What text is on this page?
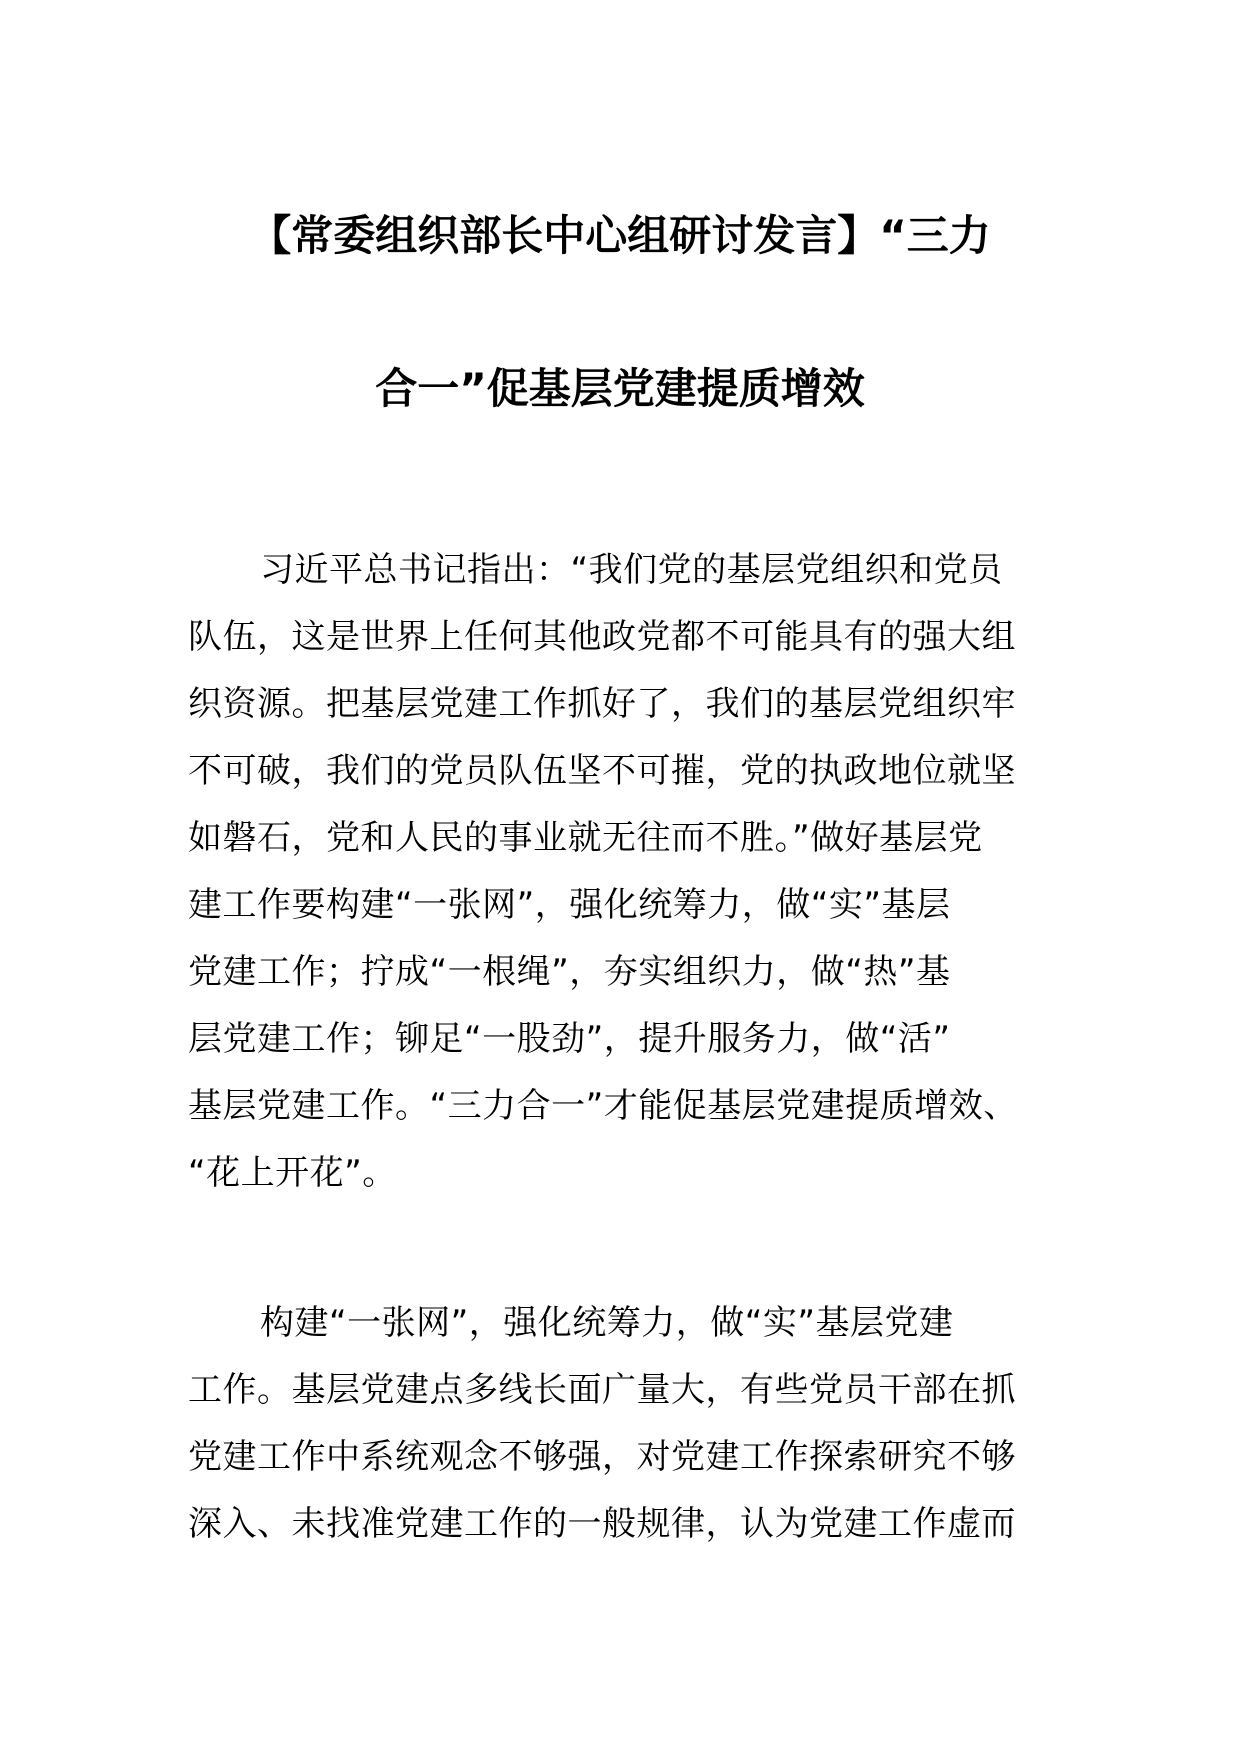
【常委组织部长中心组研讨发言】“三力
合一”促基层党建提质增效
习近平总书记指出：“我们党的基层党组织和党员
队伍，这是世界上任何其他政党都不可能具有的强大组
织资源。把基层党建工作抓好了，我们的基层党组织牢
不可破，我们的党员队伍坚不可摧，党的执政地位就坚
如磐石，党和人民的事业就无往而不胜。”做好基层党
建工作要构建“一张网”，强化统筹力，做“实”基层
党建工作；拧成“一根绳”，夯实组织力，做“热”基
层党建工作；铆足“一股劲”，提升服务力，做“活”
基层党建工作。“三力合一”才能促基层党建提质增效、
“花上开花”。
构建“一张网”，强化统筹力，做“实”基层党建
工作。基层党建点多线长面广量大，有些党员干部在抓
党建工作中系统观念不够强，对党建工作探索研究不够
深入、未找准党建工作的一般规律，认为党建工作虚而
